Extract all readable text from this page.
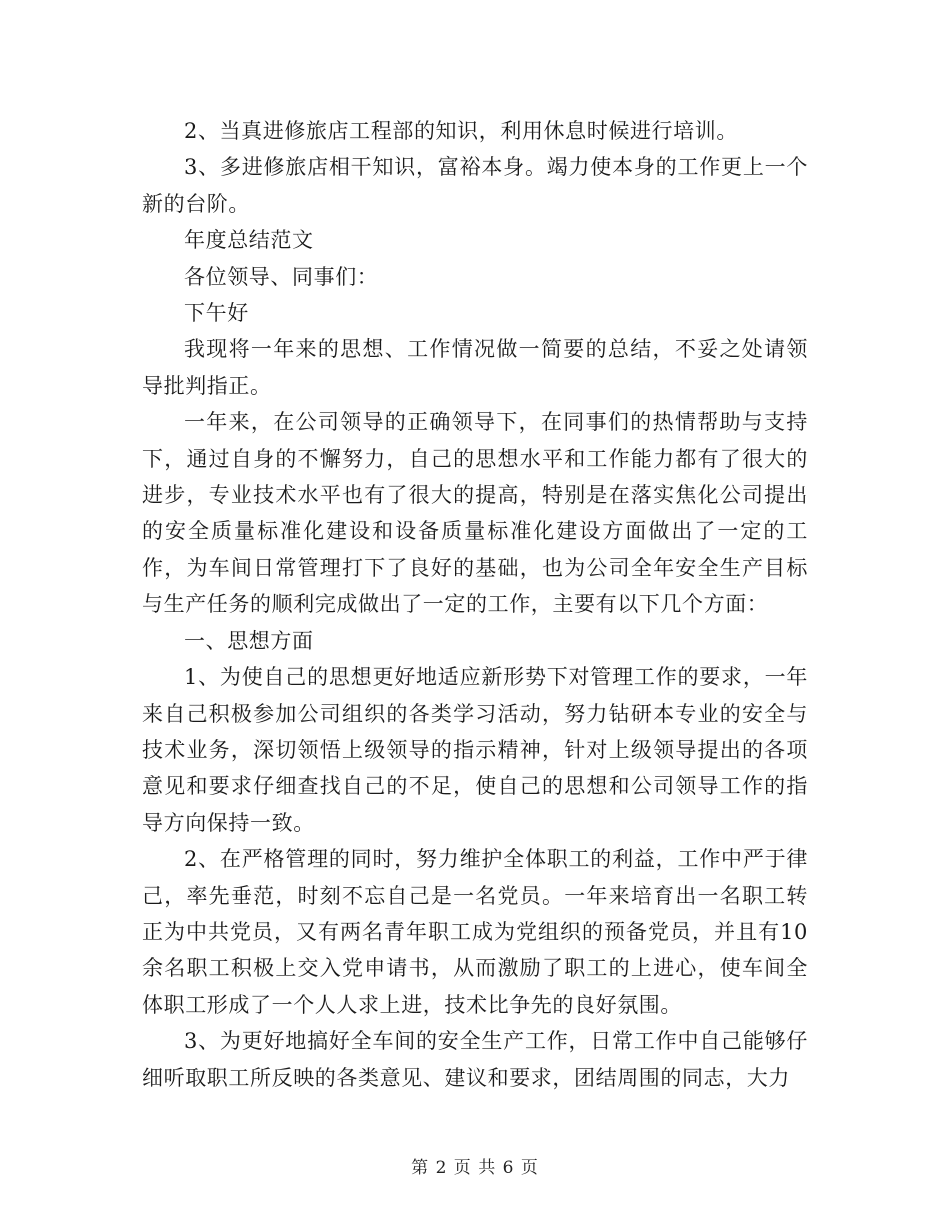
2、当真进修旅店工程部的知识，利用休息时候进行培训。

3、多进修旅店相干知识，富裕本身。竭力使本身的工作更上一个新的台阶。

年度总结范文

各位领导、同事们：

下午好

我现将一年来的思想、工作情况做一简要的总结，不妥之处请领导批判指正。

一年来，在公司领导的正确领导下，在同事们的热情帮助与支持下，通过自身的不懈努力，自己的思想水平和工作能力都有了很大的进步，专业技术水平也有了很大的提高，特别是在落实焦化公司提出的安全质量标准化建设和设备质量标准化建设方面做出了一定的工作，为车间日常管理打下了良好的基础，也为公司全年安全生产目标与生产任务的顺利完成做出了一定的工作，主要有以下几个方面：

一、思想方面

1、为使自己的思想更好地适应新形势下对管理工作的要求，一年来自己积极参加公司组织的各类学习活动，努力钻研本专业的安全与技术业务，深切领悟上级领导的指示精神，针对上级领导提出的各项意见和要求仔细查找自己的不足，使自己的思想和公司领导工作的指导方向保持一致。

2、在严格管理的同时，努力维护全体职工的利益，工作中严于律己，率先垂范，时刻不忘自己是一名党员。一年来培育出一名职工转正为中共党员，又有两名青年职工成为党组织的预备党员，并且有10余名职工积极上交入党申请书，从而激励了职工的上进心，使车间全体职工形成了一个人人求上进，技术比争先的良好氛围。

3、为更好地搞好全车间的安全生产工作，日常工作中自己能够仔细听取职工所反映的各类意见、建议和要求，团结周围的同志，大力

第 2 页 共 6 页
